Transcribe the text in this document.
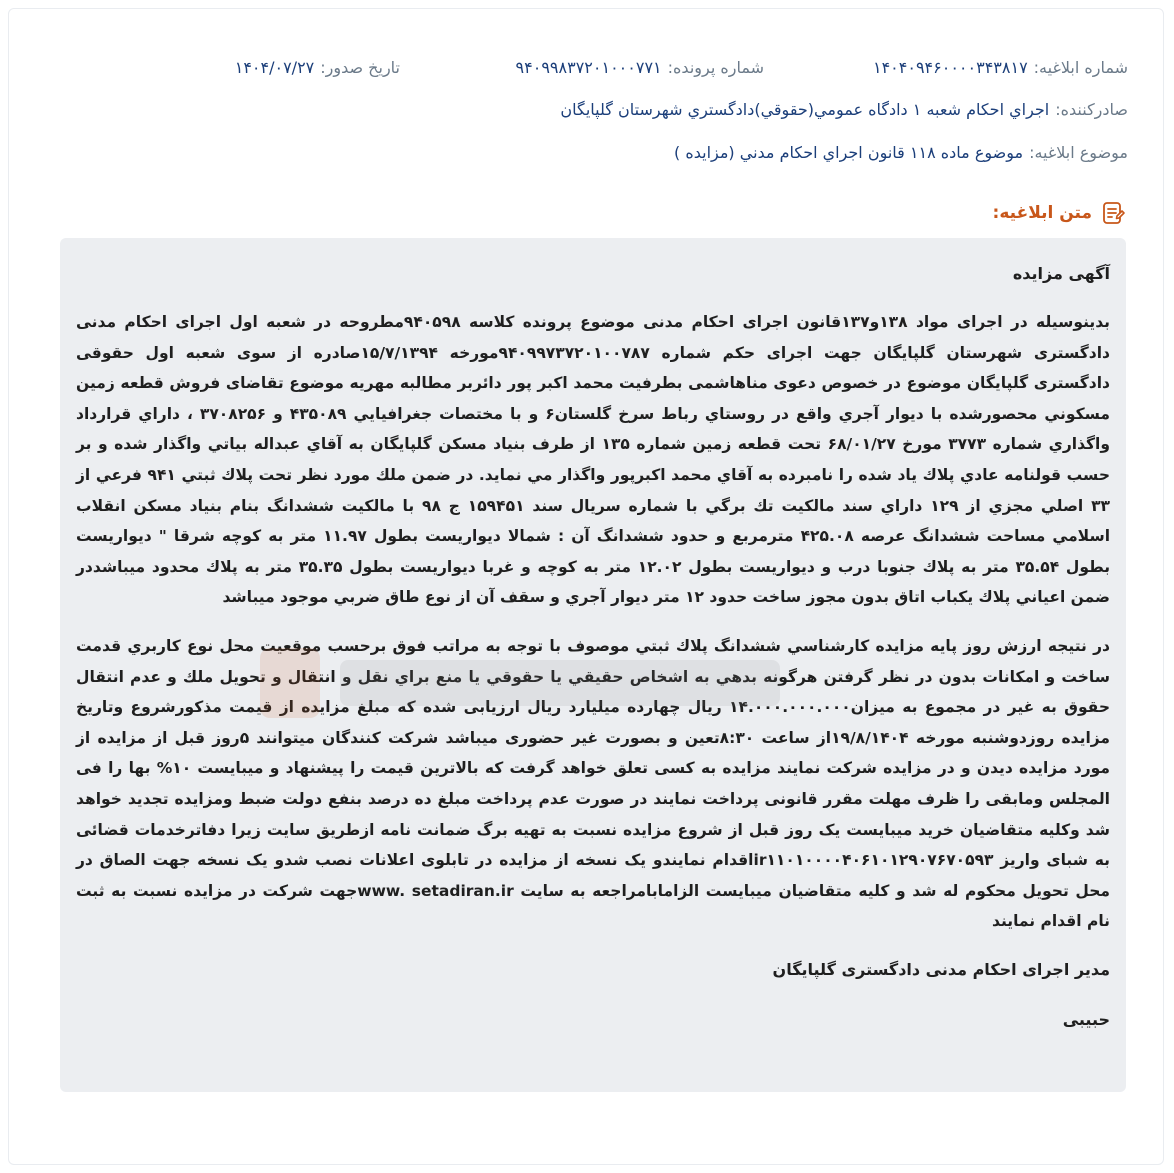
شماره ابلاغيه:
۱۴۰۴۰۹۴۶۰۰۰۰۳۴۳۸۱۷
شماره پرونده:
۹۴۰۹۹۸۳۷۲۰۱۰۰۰۷۷۱
تاريخ صدور:
۱۴۰۴/۰۷/۲۷
صادرکننده:
اجراي احکام شعبه ۱ دادگاه عمومي(حقوقي)دادگستري شهرستان گلپايگان
موضوع ابلاغيه:
موضوع ماده ۱۱۸ قانون اجراي احكام مدني (مزايده )
متن ابلاغيه:
آگهی مزایده

بدینوسیله در اجرای مواد ۱۳۸و۱۳۷قانون اجرای احکام مدنی موضوع پرونده کلاسه ۹۴۰۵۹۸مطروحه در شعبه اول اجرای احکام مدنی دادگستری شهرستان گلپایگان جهت اجرای حکم شماره ۹۴۰۹۹۷۳۷۲۰۱۰۰۷۸۷مورخه ۱۵/۷/۱۳۹۴صادره از سوی شعبه اول حقوقی دادگستری گلپایگان موضوع در خصوص دعوی مناهاشمی بطرفیت محمد اکبر پور دائربر مطالبه مهریه موضوع تقاضای فروش قطعه زمین مسکوني محصورشده با ديوار آجري واقع در روستاي رباط سرخ گلستان۶ و با مختصات جغرافيايي ۴۳۵۰۸۹ و ۳۷۰۸۲۵۶ ، داراي قرارداد واگذاري شماره ۳۷۷۳ مورخ ۶۸/۰۱/۲۷ تحت قطعه زمين شماره ۱۳۵ از طرف بنياد مسكن گلپايگان به آقاي عبداله بياتي واگذار شده و بر حسب قولنامه عادي پلاك ياد شده را نامبرده به آقاي محمد اكبرپور واگذار مي نمايد. در ضمن ملك مورد نظر تحت پلاك ثبتي ۹۴۱ فرعي از ۳۳ اصلي مجزي از ۱۲۹ داراي سند مالكيت تك برگي با شماره سريال سند ۱۵۹۴۵۱ ج ۹۸ با مالكيت ششدانگ بنام بنياد مسكن انقلاب اسلامي مساحت ششدانگ عرصه ۴۲۵.۰۸ مترمربع و حدود ششدانگ آن : شمالا ديواريست بطول ۱۱.۹۷ متر به كوچه شرقا " ديواريست بطول ۳۵.۵۴ متر به پلاك جنوبا درب و ديواريست بطول ۱۲.۰۲ متر به كوچه و غربا ديواريست بطول ۳۵.۳۵ متر به پلاك محدود ميباشددر ضمن اعياني پلاك يكباب اتاق بدون مجوز ساخت حدود ۱۲ متر ديوار آجري و سقف آن از نوع طاق ضربي موجود ميباشد

در نتیجه ارزش روز پایه مزایده کارشناسي ششدانگ پلاك ثبتي موصوف با توجه به مراتب فوق برحسب موقعيت محل نوع كاربري قدمت ساخت و امكانات بدون در نظر گرفتن هرگونه بدهي به اشخاص حقيقي يا حقوقي يا منع براي نقل و انتقال و تحويل ملك و عدم انتقال حقوق به غير در مجموع به میزان۱۴.۰۰۰.۰۰۰.۰۰۰ ریال چهارده میلیارد ریال ارزیابی شده که مبلغ مزایده از قیمت مذکورشروع وتاریخ مزایده روزدوشنبه مورخه ۱۹/۸/۱۴۰۴از ساعت ۸:۳۰تعین و بصورت غیر حضوری میباشد شرکت کنندگان میتوانند ۵روز قبل از مزایده از مورد مزایده دیدن و در مزایده شرکت نمایند مزایده به کسی تعلق خواهد گرفت که بالاترین قیمت را پیشنهاد و میبایست ۱۰% بها را فی المجلس ومابقی را ظرف مهلت مقرر قانونی پرداخت نمایند در صورت عدم پرداخت مبلغ ده درصد بنفع دولت ضبط ومزایده تجدید خواهد شد وکلیه متقاضیان خرید میبایست یک روز قبل از شروع مزایده نسبت به تهیه برگ ضمانت نامه ازطریق سایت زیرا دفاترخدمات قضائی به شبای واریز ir۱۱۰۱۰۰۰۰۴۰۶۱۰۱۲۹۰۷۶۷۰۵۹۳اقدام نمایندو یک نسخه از مزایده در تابلوی اعلانات نصب شدو یک نسخه جهت الصاق در محل تحویل محکوم له شد و کلیه متقاضیان میبایست الزامابامراجعه به سایت www. setadiran.irجهت شرکت در مزایده نسبت به ثبت نام اقدام نمایند

مدیر اجرای احکام مدنی دادگستری گلپایگان
حبیبی
